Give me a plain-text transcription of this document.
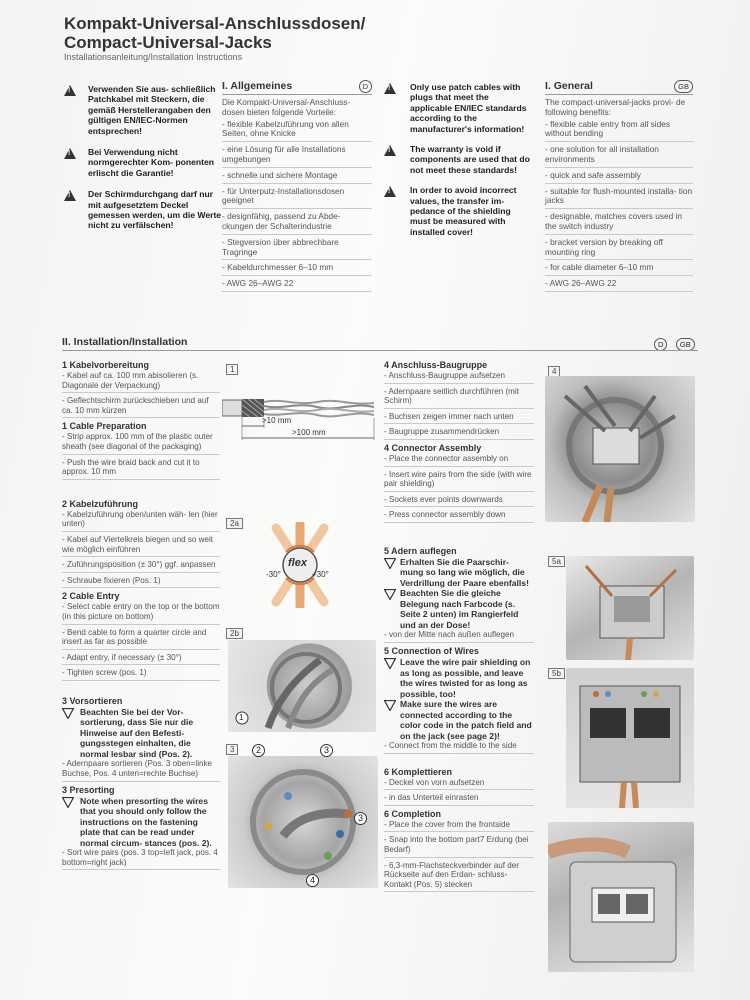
Kompakt-Universal-Anschlussdosen/
Compact-Universal-Jacks
Installationsanleitung/Installation Instructions
!
Verwenden Sie aus- schließlich Patchkabel mit Steckern, die gemäß Herstellerangaben den gültigen EN/IEC-Normen entsprechen!
!
Bei Verwendung nicht normgerechter Kom- ponenten erlischt die Garantie!
!
Der Schirmdurchgang darf nur mit aufgesetztem Deckel gemessen werden, um die Werte nicht zu verfälschen!
I. Allgemeines	D
Die Kompakt-Universal-Anschluss- dosen bieten folgende Vorteile:
- flexible Kabelzuführung von allen Seiten, ohne Knicke
- eine Lösung für alle Installations umgebungen
- schnelle und sichere Montage
- für Unterputz-Installationsdosen geeignet
- designfähig, passend zu Abde- ckungen der Schalterindustrie
- Stegversion über abbrechbare Tragringe
- Kabeldurchmesser 6–10 mm
- AWG 26–AWG 22
!
Only use patch cables with plugs that meet the applicable EN/IEC standards according to the manufacturer's information!
!
The warranty is void if components are used that do not meet these standards!
!
In order to avoid incorrect values, the transfer im- pedance of the shielding must be measured with installed cover!
I. General	GB
The compact-universal-jacks provi- de following benefits:
- flexible cable entry from all sides without bending
- one solution for all installation environments
- quick and safe assembly
- suitable for flush-mounted installa- tion jacks
- designable, matches covers used in the switch industry
- bracket version by breaking off mounting ring
- for cable diameter 6–10 mm
- AWG 26–AWG 22
II. Installation/Installation	D GB
1 Kabelvorbereitung
- Kabel auf ca. 100 mm abisolieren (s. Diagonale der Verpackung)
- Geflechtschirm zurückschieben und auf ca. 10 mm kürzen
1 Cable Preparation
- Strip approx. 100 mm of the plastic outer sheath (see diagonal of the packaging)
- Push the wire braid back and cut it to approx. 10 mm
2 Kabelzuführung
- Kabelzuführung oben/unten wäh- len (hier unten)
- Kabel auf Viertelkreis biegen und so weit wie möglich einführen
- Zuführungsposition (± 30°) ggf. anpassen
- Schraube fixieren (Pos. 1)
2 Cable Entry
- Select cable entry on the top or the bottom (in this picture on bottom)
- Bend cable to form a quarter circle and insert as far as possible
- Adapt entry, if necessary (± 30°)
- Tighten screw (pos. 1)
3 Vorsortieren
Beachten Sie bei der Vor- sortierung, dass Sie nur die Hinweise auf den Befesti- gungsstegen einhalten, die normal lesbar sind (Pos. 2).
- Adernpaare sortieren (Pos. 3 oben=linke Buchse, Pos. 4 unten=rechte Buchse)
3 Presorting
Note when presorting the wires that you should only follow the instructions on the fastening plate that can be read under normal circum- stances (pos. 2).
- Sort wire pairs (pos. 3 top=left jack, pos. 4 bottom=right jack)
1
>10 mm
>100 mm
2a
flex
-30°	+30°
2b
1
3	2	3
3
4
4 Anschluss-Baugruppe
- Anschluss-Baugruppe aufsetzen
- Adernpaare seitlich durchführen (mit Schirm)
- Buchsen zeigen immer nach unten
- Baugruppe zusammendrücken
4 Connector Assembly
- Place the connector assembly on
- Insert wire pairs from the side (with wire pair shielding)
- Sockets ever points downwards
- Press connector assembly down
5 Adern auflegen
Erhalten Sie die Paarschir- mung so lang wie möglich, die Verdrillung der Paare ebenfalls!
Beachten Sie die gleiche Belegung nach Farbcode (s. Seite 2 unten) im Rangierfeld und an der Dose!
- von der Mitte nach außen auflegen
5 Connection of Wires
Leave the wire pair shielding on as long as possible, and leave the wires twisted for as long as possible, too!
Make sure the wires are connected according to the color code in the patch field and on the jack (see page 2)!
- Connect from the middle to the side
6 Komplettieren
- Deckel von vorn aufsetzen
- in das Unterteil einrasten
6 Completion
- Place the cover from the frontside
- Snap into the bottom part7 Erdung (bei Bedarf)
- 6,3-mm-Flachsteckverbinder auf der Rückseite auf den Erdan- schluss-Kontakt (Pos. 5) stecken
4
5a
5b
